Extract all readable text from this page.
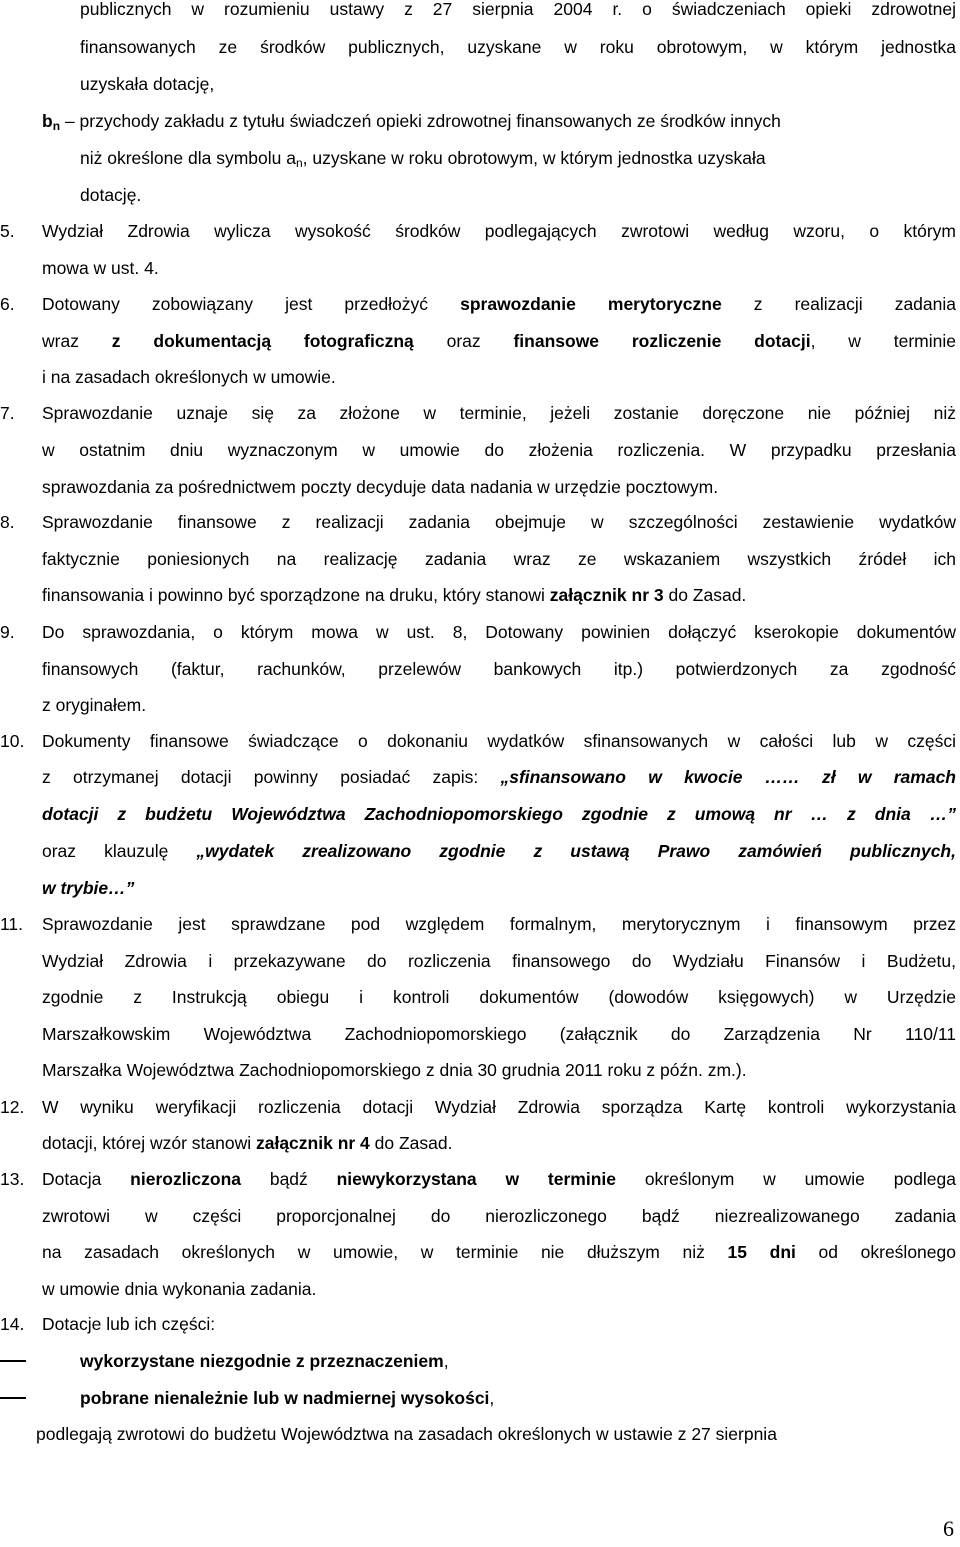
publicznych w rozumieniu ustawy z 27 sierpnia 2004 r. o świadczeniach opieki zdrowotnej
finansowanych ze środków publicznych, uzyskane w roku obrotowym, w którym jednostka
uzyskała dotację,
$b_n$ – przychody zakładu z tytułu świadczeń opieki zdrowotnej finansowanych ze środków innych
niż określone dla symbolu $a_n$, uzyskane w roku obrotowym, w którym jednostka uzyskała
dotację.
5. Wydział Zdrowia wylicza wysokość środków podlegających zwrotowi według wzoru, o którym
mowa w ust. 4.
6. Dotowany zobowiązany jest przedłożyć sprawozdanie merytoryczne z realizacji zadania
wraz z dokumentacją fotograficzną oraz finansowe rozliczenie dotacji, w terminie
i na zasadach określonych w umowie.
7. Sprawozdanie uznaje się za złożone w terminie, jeżeli zostanie doręczone nie później niż
w ostatnim dniu wyznaczonym w umowie do złożenia rozliczenia. W przypadku przesłania
sprawozdania za pośrednictwem poczty decyduje data nadania w urzędzie pocztowym.
8. Sprawozdanie finansowe z realizacji zadania obejmuje w szczególności zestawienie wydatków
faktycznie poniesionych na realizację zadania wraz ze wskazaniem wszystkich źródeł ich
finansowania i powinno być sporządzone na druku, który stanowi załącznik nr 3 do Zasad.
9. Do sprawozdania, o którym mowa w ust. 8, Dotowany powinien dołączyć kserokopie dokumentów
finansowych (faktur, rachunków, przelewów bankowych itp.) potwierdzonych za zgodność
z oryginałem.
10. Dokumenty finansowe świadczące o dokonaniu wydatków sfinansowanych w całości lub w części
z otrzymanej dotacji powinny posiadać zapis: „sfinansowano w kwocie …… zł w ramach
dotacji z budżetu Województwa Zachodniopomorskiego zgodnie z umową nr … z dnia …”
oraz klauzulę „wydatek zrealizowano zgodnie z ustawą Prawo zamówień publicznych,
w trybie…”
11. Sprawozdanie jest sprawdzane pod względem formalnym, merytorycznym i finansowym przez
Wydział Zdrowia i przekazywane do rozliczenia finansowego do Wydziału Finansów i Budżetu,
zgodnie z Instrukcją obiegu i kontroli dokumentów (dowodów księgowych) w Urzędzie
Marszałkowskim Województwa Zachodniopomorskiego (załącznik do Zarządzenia Nr 110/11
Marszałka Województwa Zachodniopomorskiego z dnia 30 grudnia 2011 roku z późn. zm.).
12. W wyniku weryfikacji rozliczenia dotacji Wydział Zdrowia sporządza Kartę kontroli wykorzystania
dotacji, której wzór stanowi załącznik nr 4 do Zasad.
13. Dotacja nierozliczona bądź niewykorzystana w terminie określonym w umowie podlega
zwrotowi w części proporcjonalnej do nierozliczonego bądź niezrealizowanego zadania
na zasadach określonych w umowie, w terminie nie dłuższym niż 15 dni od określonego
w umowie dnia wykonania zadania.
14. Dotacje lub ich części:
wykorzystane niezgodnie z przeznaczeniem,
pobrane nienależnie lub w nadmiernej wysokości,
podlegają zwrotowi do budżetu Województwa na zasadach określonych w ustawie z 27 sierpnia
6
